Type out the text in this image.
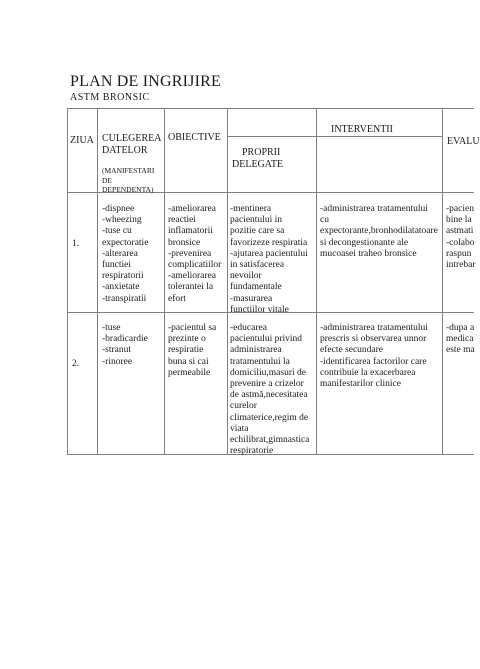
PLAN DE INGRIJIRE
ASTM BRONSIC
ZIUA CULEGEREA
DATELOR
(MANIFESTARI
DE
DEPENDENTA)
OBIECTIVE
INTERVENTII
PROPRII
DELEGATE
EVALU
1.
-dispnee
-wheezing
-tuse cu
expectoratie
-alterarea
functiei
respiratorii
-anxietate
-transpiratii
-ameliorarea
reactiei
inflamatorii
bronsice
-prevenirea
complicatiilor
-ameliorarea
tolerantei la
efort
-mentinera
pacientului in
pozitie care sa
favorizeze respiratia
-ajutarea pacientului
in satisfacerea
nevoilor
fundamentale
-masurarea
functiilor vitale
-administrarea tratamentului
cu
expectorante,bronhodilatatoare
si decongestionante ale
mucoasei traheo bronsice
-pacien
bine la
astmati
-colabo
raspun
intrebar
2.
-tuse
-bradicardie
-stranut
-rinoree
-pacientul sa
prezinte o
respiratie
buna si cai
permeabile
-educarea
pacientului privind
administrarea
tratamentului la
domiciliu,masuri de
prevenire a crizelor
de astmă,necesitatea
curelor
climaterice,regim de
viata
echilibrat,gimnastica
respiratorie
-administrarea tratamentului
prescris si observarea unnor
efecte secundare
-identificarea factorilor care
contribuie la exacerbarea
manifestarilor clinice
-dupa a
medica
este ma
